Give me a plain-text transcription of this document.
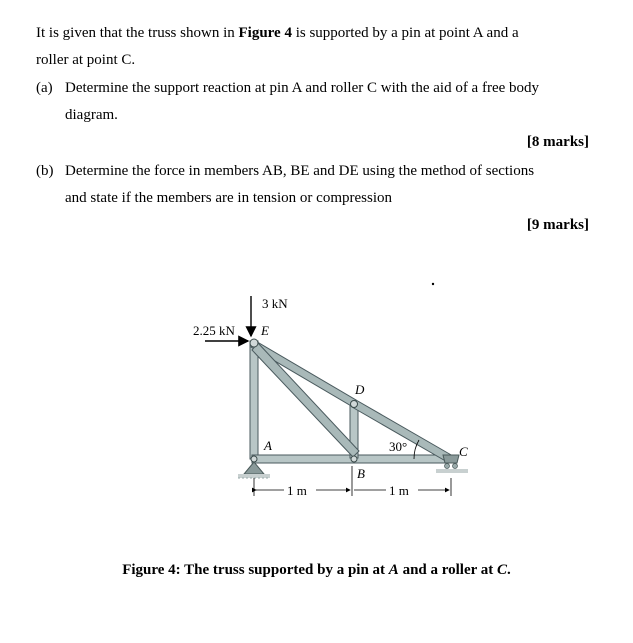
It is given that the truss shown in Figure 4 is supported by a pin at point A and a
roller at point C.
(a) Determine the support reaction at pin A and roller C with the aid of a free body
diagram.
[8 marks]
(b) Determine the force in members AB, BE and DE using the method of sections
and state if the members are in tension or compression
[9 marks]
3 kN
2.25 kN E
A
D
B
C
30°
1 m	1 m
Figure 4: The truss supported by a pin at A and a roller at C.
